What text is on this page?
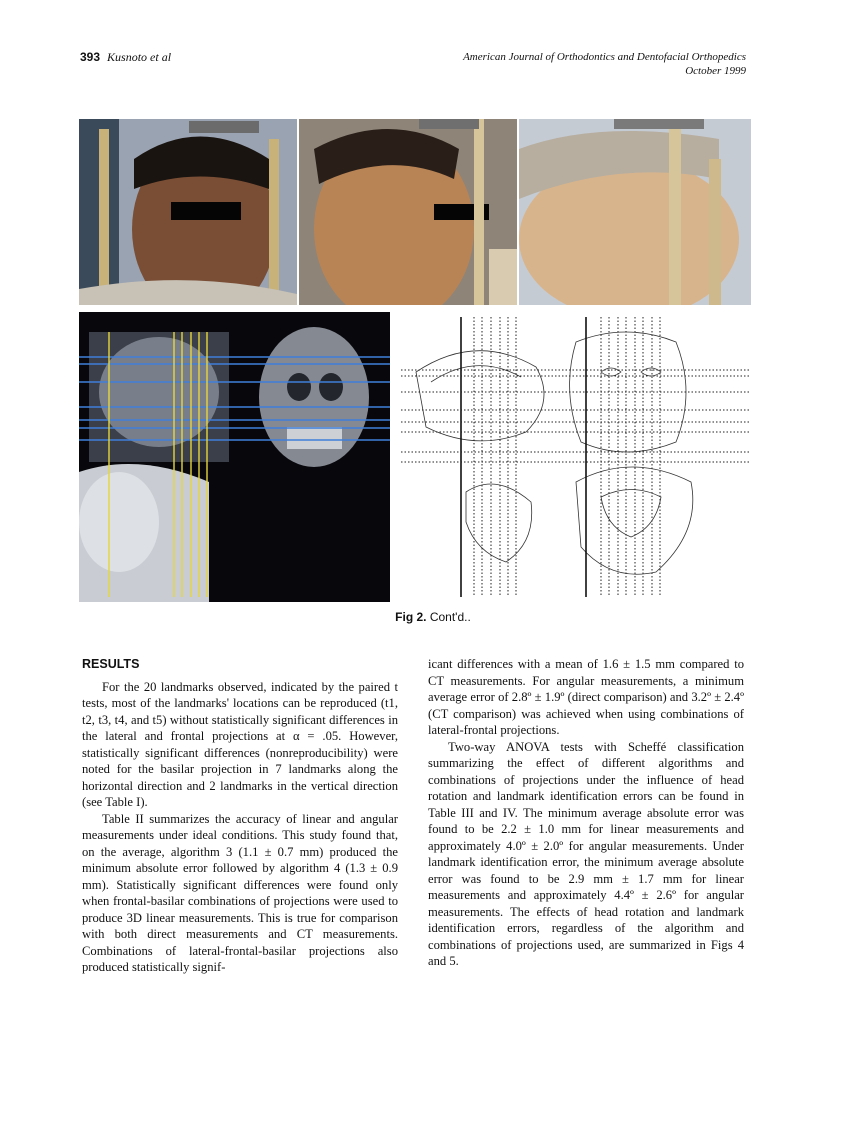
393 Kusnoto et al	American Journal of Orthodontics and Dentofacial Orthopedics
October 1999
Fig 2. Cont'd..
RESULTS

For the 20 landmarks observed, indicated by the paired t tests, most of the landmarks' locations can be reproduced (t1, t2, t3, t4, and t5) without statistically significant differences in the lateral and frontal projections at α = .05. However, statistically significant differences (nonreproducibility) were noted for the basilar projection in 7 landmarks along the horizontal direction and 2 landmarks in the vertical direction (see Table I).

Table II summarizes the accuracy of linear and angular measurements under ideal conditions. This study found that, on the average, algorithm 3 (1.1 ± 0.7 mm) produced the minimum absolute error followed by algorithm 4 (1.3 ± 0.9 mm). Statistically significant differences were found only when frontal-basilar combinations of projections were used to produce 3D linear measurements. This is true for comparison with both direct measurements and CT measurements. Combinations of lateral-frontal-basilar projections also produced statistically signif-

icant differences with a mean of 1.6 ± 1.5 mm compared to CT measurements. For angular measurements, a minimum average error of 2.8º ± 1.9º (direct comparison) and 3.2º ± 2.4º (CT comparison) was achieved when using combinations of lateral-frontal projections.

Two-way ANOVA tests with Scheffé classification summarizing the effect of different algorithms and combinations of projections under the influence of head rotation and landmark identification errors can be found in Table III and IV. The minimum average absolute error was found to be 2.2 ± 1.0 mm for linear measurements and approximately 4.0º ± 2.0º for angular measurements. Under landmark identification error, the minimum average absolute error was found to be 2.9 mm ± 1.7 mm for linear measurements and approximately 4.4º ± 2.6º for angular measurements. The effects of head rotation and landmark identification errors, regardless of the algorithm and combinations of projections used, are summarized in Figs 4 and 5.
